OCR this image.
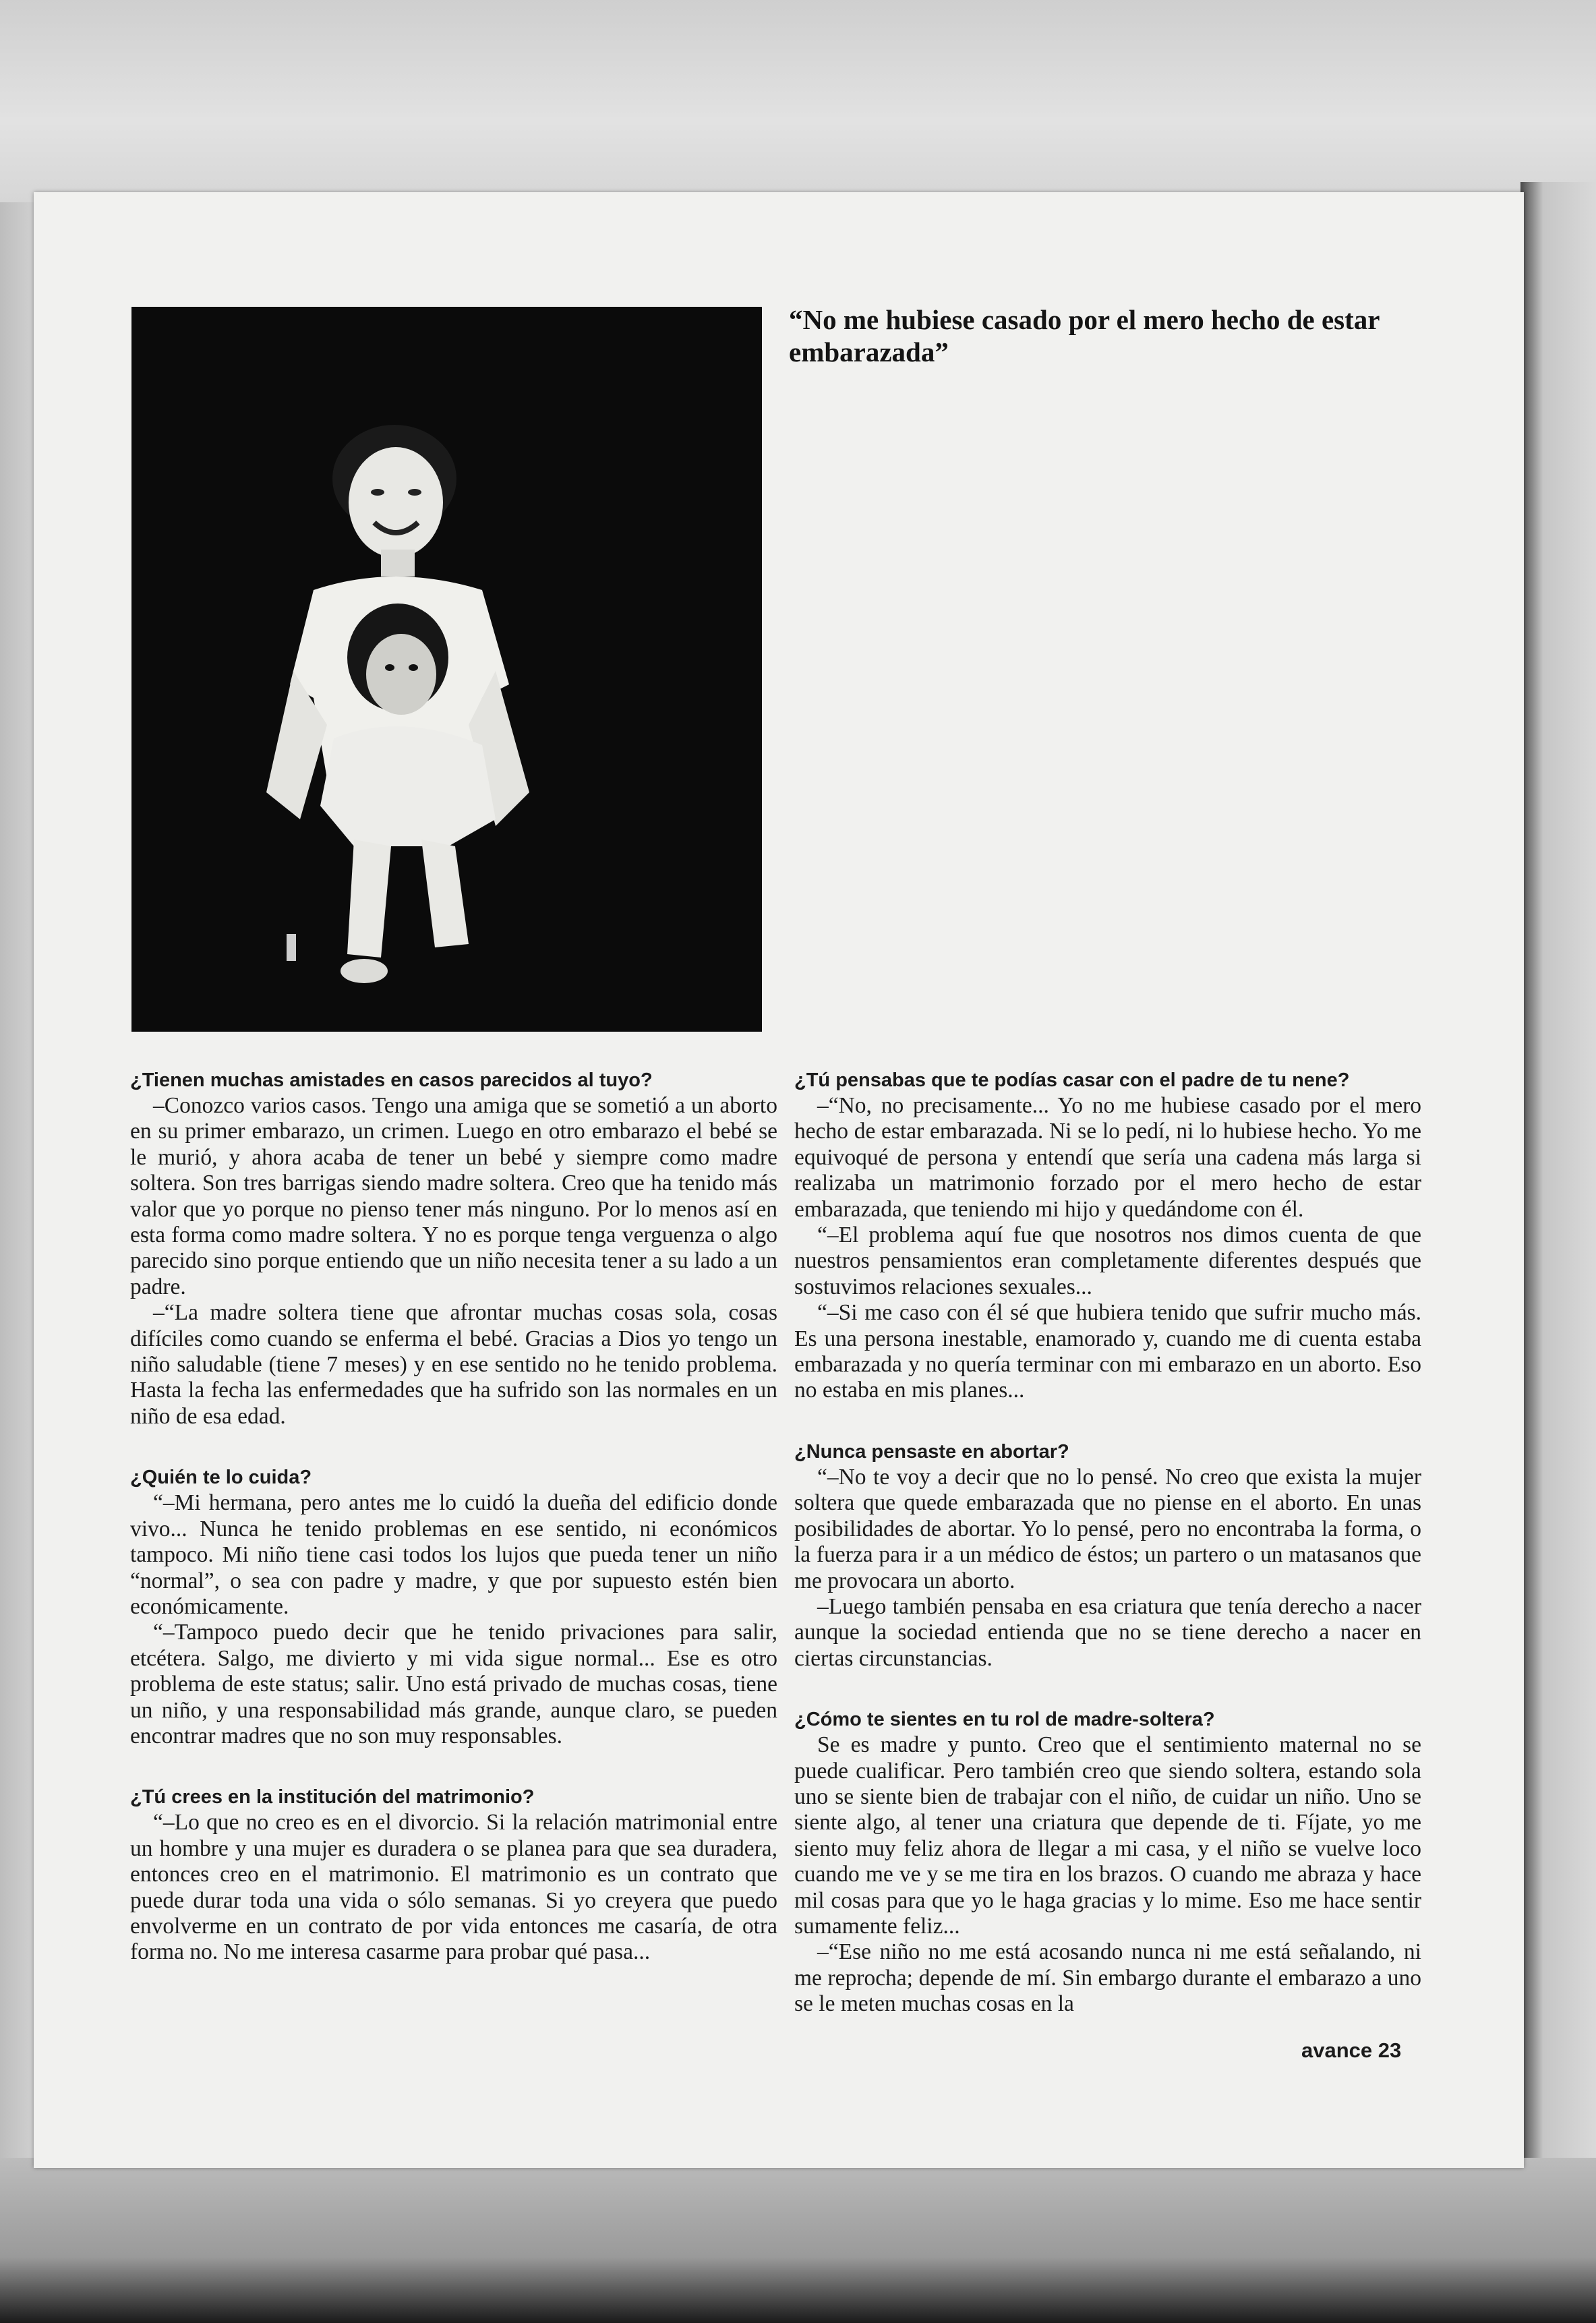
“No me hubiese casado por el mero hecho de estar embarazada”

¿Tienen muchas amistades en casos parecidos al tuyo?

–Conozco varios casos. Tengo una amiga que se sometió a un aborto en su primer embarazo, un crimen. Luego en otro embarazo el bebé se le murió, y ahora acaba de tener un bebé y siempre como madre soltera. Son tres barrigas siendo madre soltera. Creo que ha tenido más valor que yo porque no pienso tener más ninguno. Por lo menos así en esta forma como madre soltera. Y no es porque tenga verguenza o algo parecido sino porque entiendo que un niño necesita tener a su lado a un padre.

–“La madre soltera tiene que afrontar muchas cosas sola, cosas difíciles como cuando se enferma el bebé. Gracias a Dios yo tengo un niño saludable (tiene 7 meses) y en ese sentido no he tenido problema. Hasta la fecha las enfermedades que ha sufrido son las normales en un niño de esa edad.

¿Quién te lo cuida?

“–Mi hermana, pero antes me lo cuidó la dueña del edificio donde vivo... Nunca he tenido problemas en ese sentido, ni económicos tampoco. Mi niño tiene casi todos los lujos que pueda tener un niño “normal”, o sea con padre y madre, y que por supuesto estén bien económicamente.

“–Tampoco puedo decir que he tenido privaciones para salir, etcétera. Salgo, me divierto y mi vida sigue normal... Ese es otro problema de este status; salir. Uno está privado de muchas cosas, tiene un niño, y una responsabilidad más grande, aunque claro, se pueden encontrar madres que no son muy responsables.

¿Tú crees en la institución del matrimonio?

“–Lo que no creo es en el divorcio. Si la relación matrimonial entre un hombre y una mujer es duradera o se planea para que sea duradera, entonces creo en el matrimonio. El matrimonio es un contrato que puede durar toda una vida o sólo semanas. Si yo creyera que puedo envolverme en un contrato de por vida entonces me casaría, de otra forma no. No me interesa casarme para probar qué pasa...

¿Tú pensabas que te podías casar con el padre de tu nene?

–“No, no precisamente... Yo no me hubiese casado por el mero hecho de estar embarazada. Ni se lo pedí, ni lo hubiese hecho. Yo me equivoqué de persona y entendí que sería una cadena más larga si realizaba un matrimonio forzado por el mero hecho de estar embarazada, que teniendo mi hijo y quedándome con él.

“–El problema aquí fue que nosotros nos dimos cuenta de que nuestros pensamientos eran completamente diferentes después que sostuvimos relaciones sexuales...

“–Si me caso con él sé que hubiera tenido que sufrir mucho más. Es una persona inestable, enamorado y, cuando me di cuenta estaba embarazada y no quería terminar con mi embarazo en un aborto. Eso no estaba en mis planes...

¿Nunca pensaste en abortar?

“–No te voy a decir que no lo pensé. No creo que exista la mujer soltera que quede embarazada que no piense en el aborto. En unas posibilidades de abortar. Yo lo pensé, pero no encontraba la forma, o la fuerza para ir a un médico de éstos; un partero o un matasanos que me provocara un aborto.

–Luego también pensaba en esa criatura que tenía derecho a nacer aunque la sociedad entienda que no se tiene derecho a nacer en ciertas circunstancias.

¿Cómo te sientes en tu rol de madre-soltera?

Se es madre y punto. Creo que el sentimiento maternal no se puede cualificar. Pero también creo que siendo soltera, estando sola uno se siente bien de trabajar con el niño, de cuidar un niño. Uno se siente algo, al tener una criatura que depende de ti. Fíjate, yo me siento muy feliz ahora de llegar a mi casa, y el niño se vuelve loco cuando me ve y se me tira en los brazos. O cuando me abraza y hace mil cosas para que yo le haga gracias y lo mime. Eso me hace sentir sumamente feliz...

–“Ese niño no me está acosando nunca ni me está señalando, ni me reprocha; depende de mí. Sin embargo durante el embarazo a uno se le meten muchas cosas en la

avance 23
